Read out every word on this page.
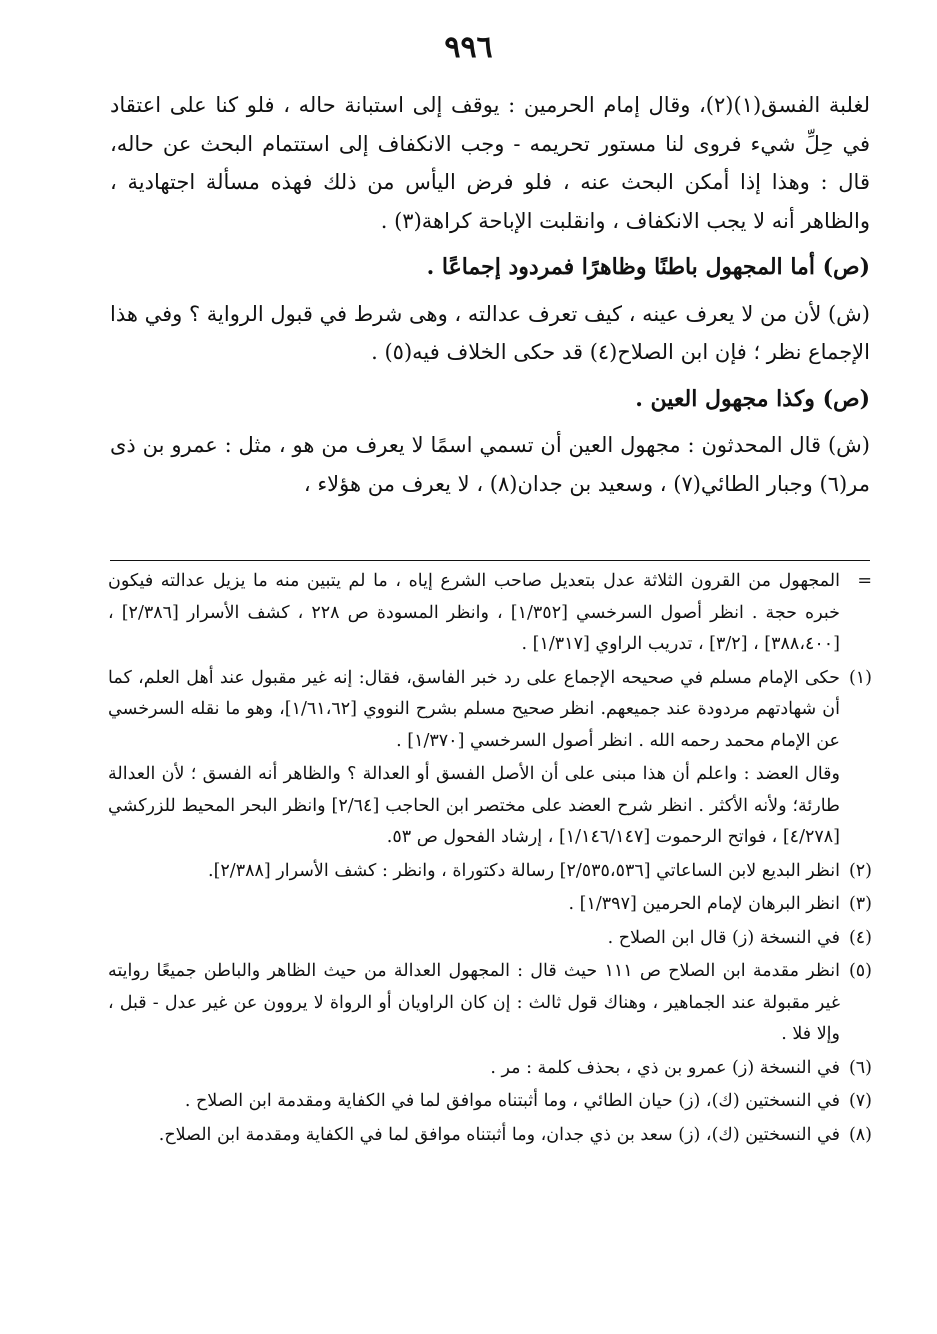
٩٩٦

لغلبة الفسق(١)(٢)، وقال إمام الحرمين : يوقف إلى استبانة حاله ، فلو كنا على اعتقاد في حِلِّ شيء فروى لنا مستور تحريمه - وجب الانكفاف إلى استتمام البحث عن حاله، قال : وهذا إذا أمكن البحث عنه ، فلو فرض اليأس من ذلك فهذه مسألة اجتهادية ، والظاهر أنه لا يجب الانكفاف ، وانقلبت الإباحة كراهة(٣) .

(ص) أما المجهول باطنًا وظاهرًا فمردود إجماعًا .

(ش) لأن من لا يعرف عينه ، كيف تعرف عدالته ، وهى شرط في قبول الرواية ؟ وفي هذا الإجماع نظر ؛ فإن ابن الصلاح(٤) قد حكى الخلاف فيه(٥) .

(ص) وكذا مجهول العين .

(ش) قال المحدثون : مجهول العين أن تسمي اسمًا لا يعرف من هو ، مثل : عمرو بن ذى مر(٦) وجبار الطائي(٧) ، وسعيد بن جدان(٨) ، لا يعرف من هؤلاء ،

=
المجهول من القرون الثلاثة عدل بتعديل صاحب الشرع إياه ، ما لم يتبين منه ما يزيل عدالته فيكون خبره حجة . انظر أصول السرخسي [١/٣٥٢] ، وانظر المسودة ص ٢٢٨ ، كشف الأسرار [٢/٣٨٦] ، [٣٨٨،٤٠٠] ، [٣/٢] ، تدريب الراوي [١/٣١٧] .
(١)
حكى الإمام مسلم في صحيحه الإجماع على رد خبر الفاسق، فقال: إنه غير مقبول عند أهل العلم، كما أن شهادتهم مردودة عند جميعهم. انظر صحيح مسلم بشرح النووي [١/٦١،٦٢]، وهو ما نقله السرخسي عن الإمام محمد رحمه الله . انظر أصول السرخسي [١/٣٧٠] .
وقال العضد : واعلم أن هذا مبنى على أن الأصل الفسق أو العدالة ؟ والظاهر أنه الفسق ؛ لأن العدالة طارئة؛ ولأنه الأكثر . انظر شرح العضد على مختصر ابن الحاجب [٢/٦٤] وانظر البحر المحيط للزركشي [٤/٢٧٨] ، فواتح الرحموت [١/١٤٦/١٤٧] ، إرشاد الفحول ص ٥٣.
(٢)
انظر البديع لابن الساعاتي [٢/٥٣٥،٥٣٦] رسالة دكتوراة ، وانظر : كشف الأسرار [٢/٣٨٨].
(٣)
انظر البرهان لإمام الحرمين [١/٣٩٧] .
(٤)
في النسخة (ز) قال ابن الصلاح .
(٥)
انظر مقدمة ابن الصلاح ص ١١١ حيث قال : المجهول العدالة من حيث الظاهر والباطن جميعًا روايته غير مقبولة عند الجماهير ، وهناك قول ثالث : إن كان الراويان أو الرواة لا يروون عن غير عدل - قبل ، وإلا فلا .
(٦)
في النسخة (ز) عمرو بن ذي ، بحذف كلمة : مر .
(٧)
في النسختين (ك)، (ز) حيان الطائي ، وما أثبتناه موافق لما في الكفاية ومقدمة ابن الصلاح .
(٨)
في النسختين (ك)، (ز) سعد بن ذي جدان، وما أثبتناه موافق لما في الكفاية ومقدمة ابن الصلاح.
